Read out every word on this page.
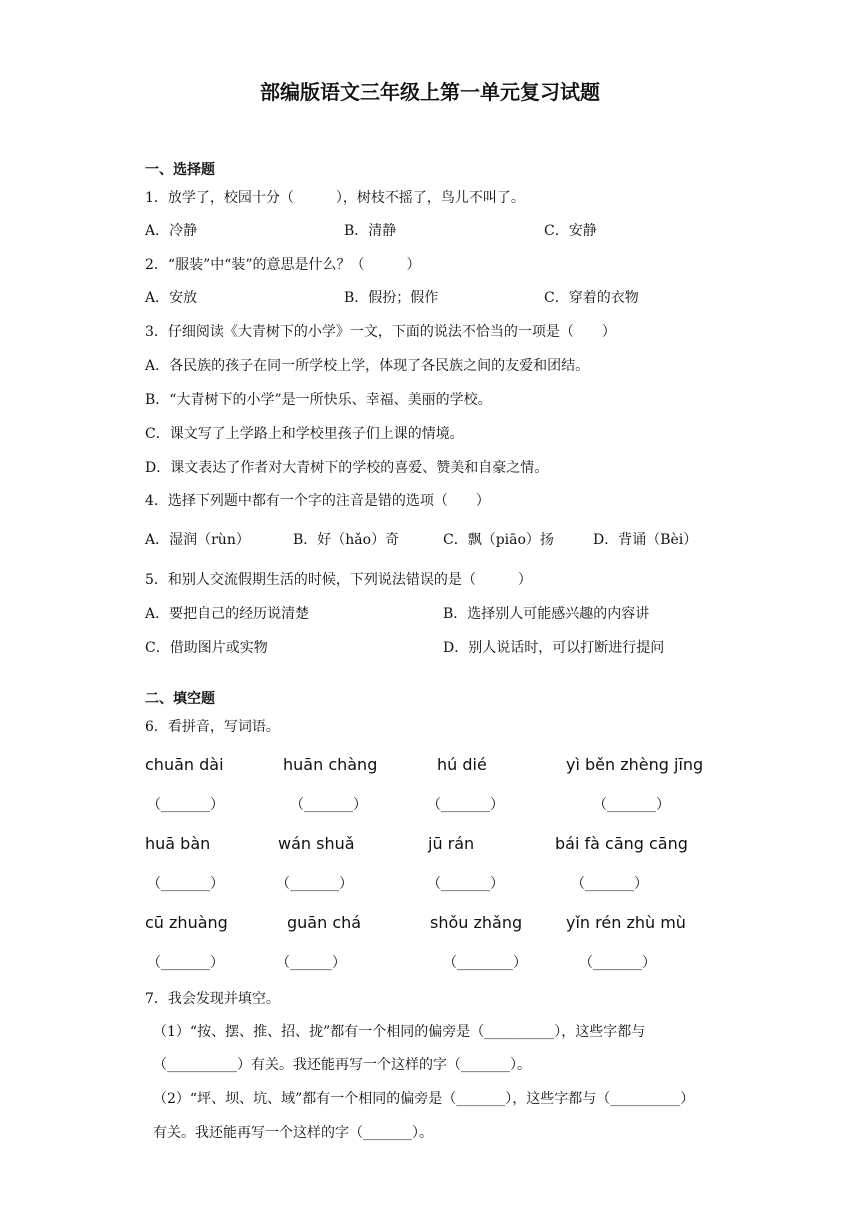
部编版语文三年级上第一单元复习试题
一、选择题
1．放学了，校园十分（　　　），树枝不摇了，鸟儿不叫了。
A．冷静	B．清静	C．安静
2．“服装”中“装”的意思是什么？（　　　）
A．安放	B．假扮；假作	C．穿着的衣物
3．仔细阅读《大青树下的小学》一文，下面的说法不恰当的一项是（　　）
A．各民族的孩子在同一所学校上学，体现了各民族之间的友爱和团结。
B．“大青树下的小学”是一所快乐、幸福、美丽的学校。
C．课文写了上学路上和学校里孩子们上课的情境。
D．课文表达了作者对大青树下的学校的喜爱、赞美和自豪之情。
4．选择下列题中都有一个字的注音是错的选项（　　）
A．湿润（rùn）	B．好（hǎo）奇	C．飘（piāo）扬	D．背诵（Bèi）
5．和别人交流假期生活的时候，下列说法错误的是（　　　）
A．要把自己的经历说清楚	B．选择别人可能感兴趣的内容讲
C．借助图片或实物	D．别人说话时，可以打断进行提问
二、填空题
6．看拼音，写词语。
chuān dài	huān chàng	hú dié	yì běn zhèng jīng
（_______）	（_______）	（_______）	（_______）
huā bàn	wán shuǎ	jū rán	bái fà cāng cāng
（_______）	（_______）	（_______）	（_______）
cū zhuàng	guān chá	shǒu zhǎng	yǐn rén zhù mù
（_______）	（______）	（________）	（_______）
7．我会发现并填空。
（1）“按、摆、推、招、拢”都有一个相同的偏旁是（__________），这些字都与
（__________）有关。我还能再写一个这样的字（_______）。
（2）“坪、坝、坑、域”都有一个相同的偏旁是（_______），这些字都与（__________）
有关。我还能再写一个这样的字（_______）。
